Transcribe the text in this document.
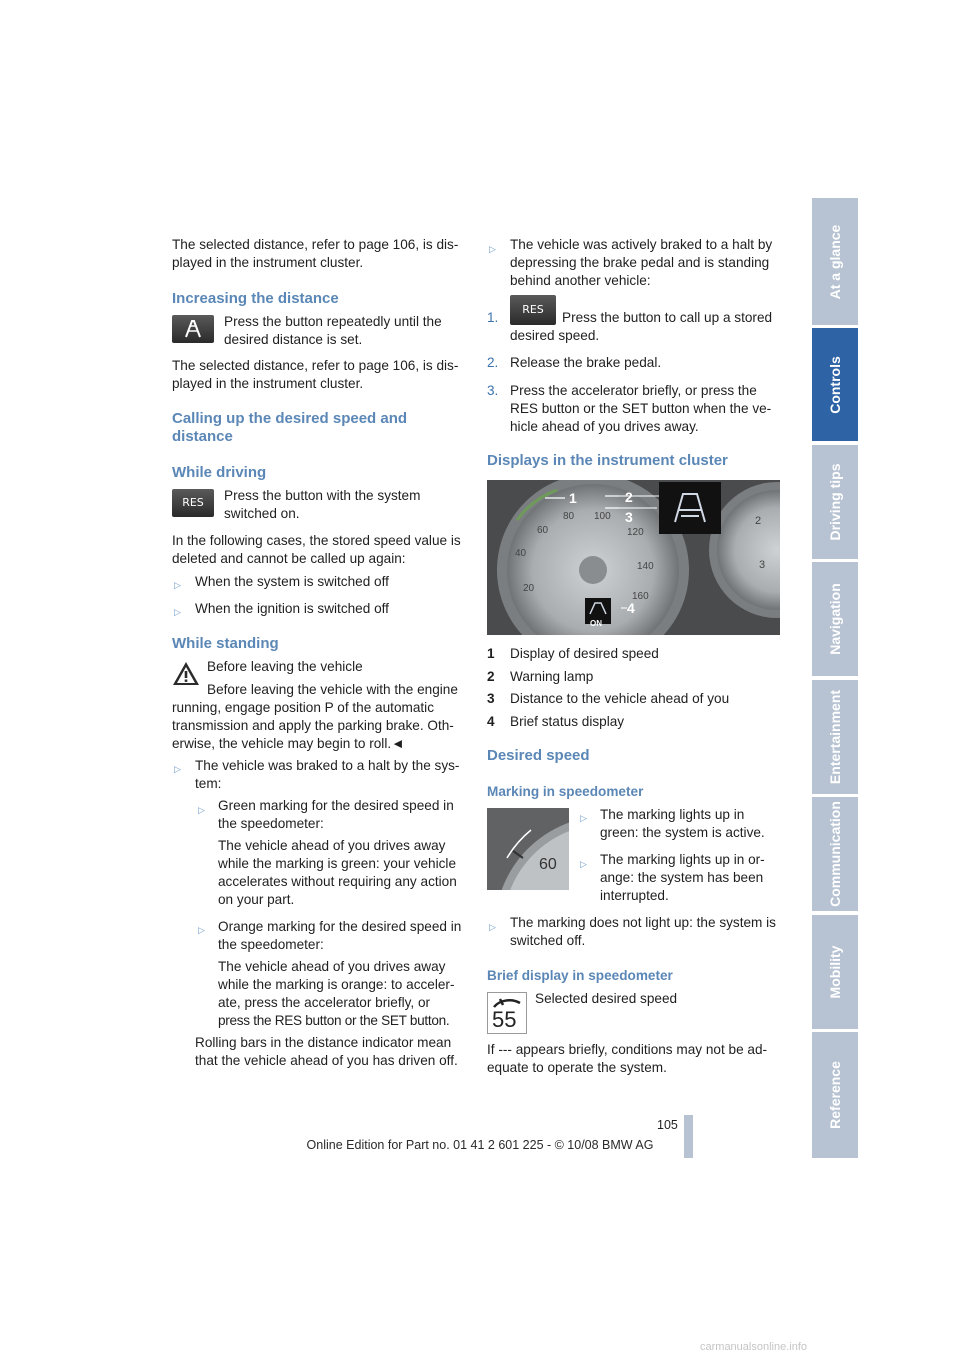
At a glance
Controls
Driving tips
Navigation
Entertainment
Communication
Mobility
Reference

The selected distance, refer to page 106, is dis-

played in the instrument cluster.

Increasing the distance

Press the button repeatedly until the

desired distance is set.

The selected distance, refer to page 106, is dis-

played in the instrument cluster.

Calling up the desired speed and
distance
While driving
RES	Press the button with the system

switched on.

In the following cases, the stored speed value is

deleted and cannot be called up again:

▷ When the system is switched off
▷ When the ignition is switched off
While standing
Before leaving the vehicle

Before leaving the vehicle with the engine

running, engage position P of the automatic

transmission and apply the parking brake. Oth-

erwise, the vehicle may begin to roll.◄

▷ The vehicle was braked to a halt by the sys-

tem:

▷ Green marking for the desired speed in

the speedometer:

The vehicle ahead of you drives away

while the marking is green: your vehicle

accelerates without requiring any action

on your part.

▷ Orange marking for the desired speed in

the speedometer:

The vehicle ahead of you drives away

while the marking is orange: to acceler-

ate, press the accelerator briefly, or

press the RES button or the SET button.

Rolling bars in the distance indicator mean

that the vehicle ahead of you has driven off.

▷ The vehicle was actively braked to a halt by

depressing the brake pedal and is standing

behind another vehicle:

1.
RES
Press the button to call up a stored
desired speed.
2. Release the brake pedal.
3. Press the accelerator briefly, or press the

RES button or the SET button when the ve-

hicle ahead of you drives away.

Displays in the instrument cluster
40
20
60
80 100
120
140
160
2
3
ON
1	2
3
4
1 Display of desired speed
2 Warning lamp
3 Distance to the vehicle ahead of you
4 Brief status display
Desired speed
Marking in speedometer
60
▷ The marking lights up in

green: the system is active.

▷ The marking lights up in or-

ange: the system has been

interrupted.

▷ The marking does not light up: the system is

switched off.

Brief display in speedometer
55
Selected desired speed

If --- appears briefly, conditions may not be ad-

equate to operate the system.

105
Online Edition for Part no. 01 41 2 601 225 - © 10/08 BMW AG
carmanualsonline.info
